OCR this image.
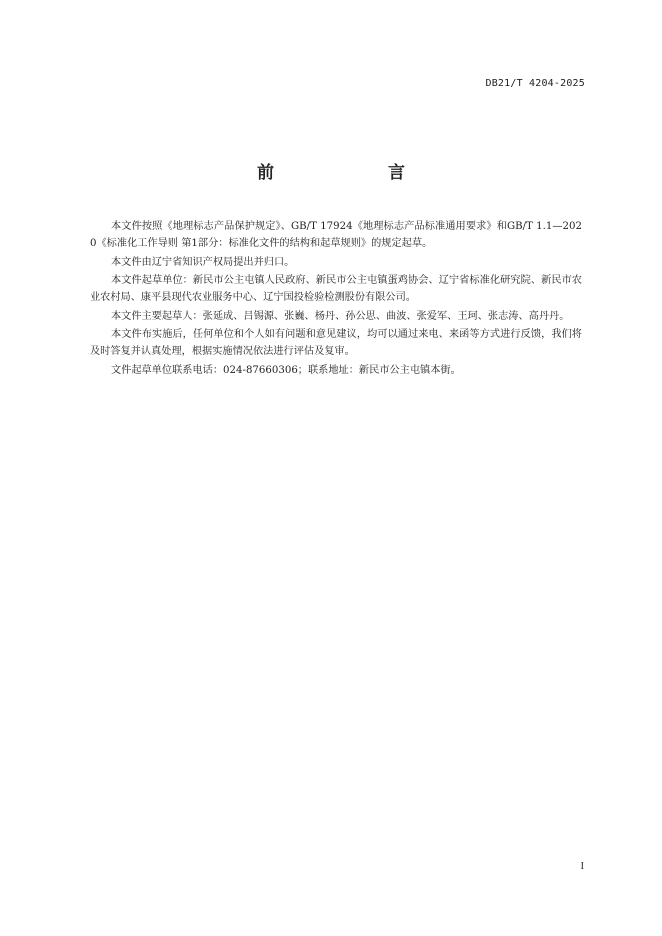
DB21/T 4204-2025
前 言

本文件按照《地理标志产品保护规定》、GB/T 17924《地理标志产品标准通用要求》和GB/T 1.1—2020《标准化工作导则 第1部分：标准化文件的结构和起草规则》的规定起草。

本文件由辽宁省知识产权局提出并归口。

本文件起草单位：新民市公主屯镇人民政府、新民市公主屯镇蛋鸡协会、辽宁省标准化研究院、新民市农业农村局、康平县现代农业服务中心、辽宁国投检验检测股份有限公司。

本文件主要起草人：张延成、吕锡源、张巍、杨丹、孙公思、曲波、张爱军、王珂、张志涛、高丹丹。

本文件布实施后，任何单位和个人如有问题和意见建议，均可以通过来电、来函等方式进行反馈，我们将及时答复并认真处理，根据实施情况依法进行评估及复审。

文件起草单位联系电话：024-87660306；联系地址：新民市公主屯镇本街。

I
